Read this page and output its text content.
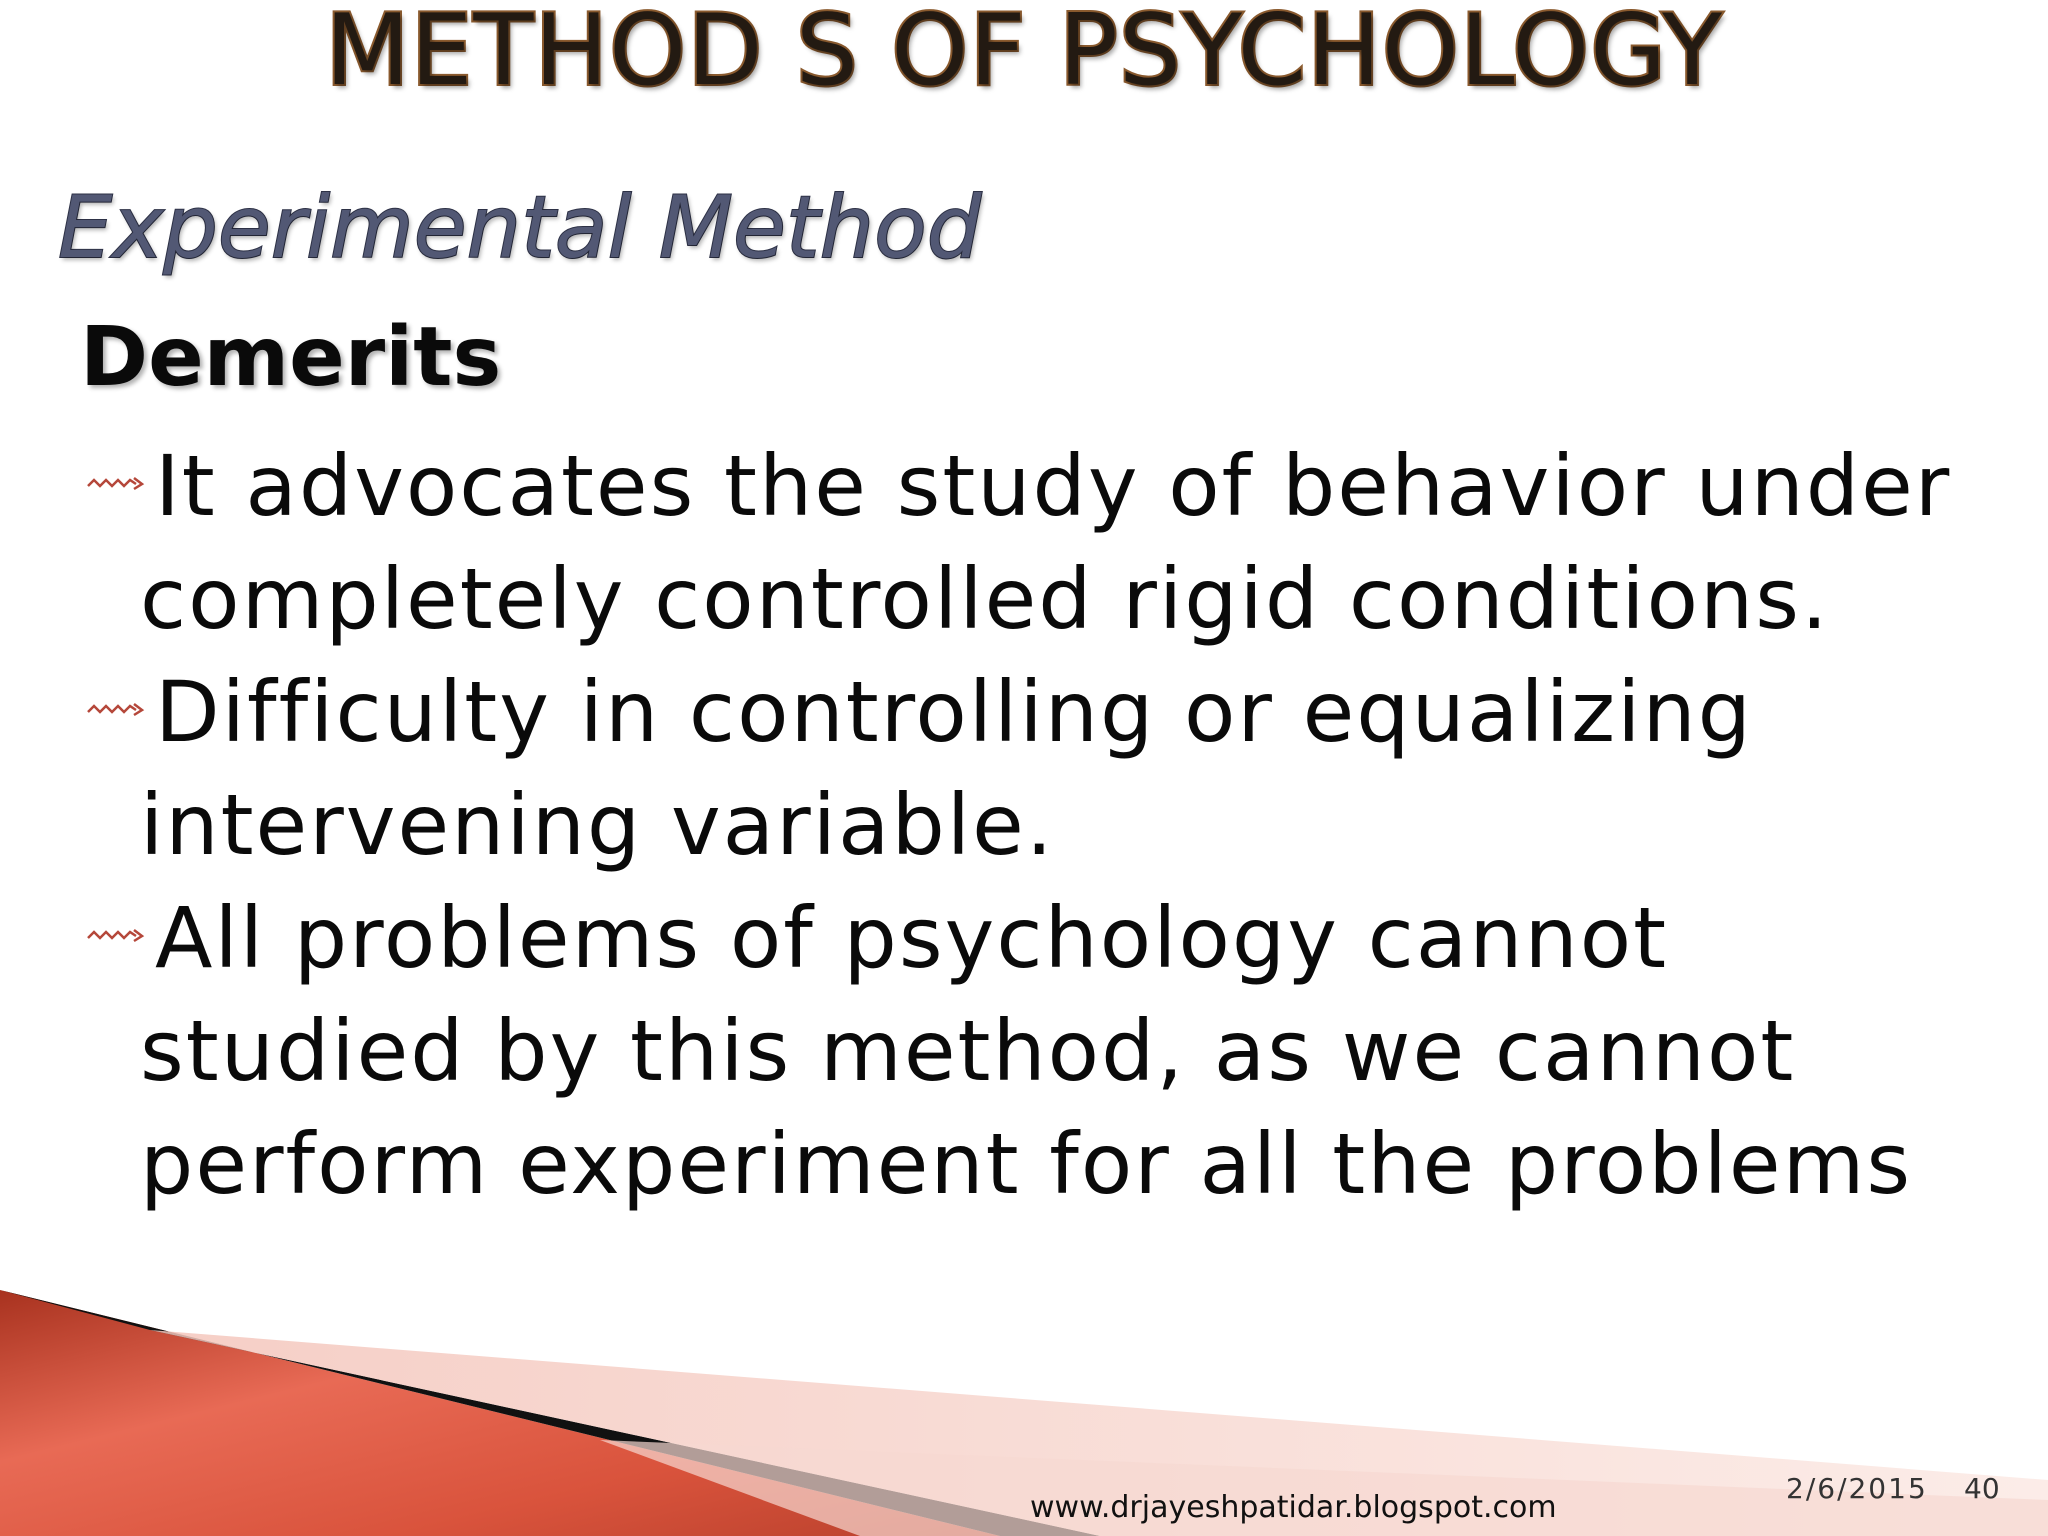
METHOD S OF PSYCHOLOGY
Experimental Method
Demerits
It advocates the study of behavior under
completely controlled rigid conditions.
Difficulty in controlling or equalizing
intervening variable.
All problems of psychology cannot
studied by this method, as we cannot
perform experiment for all the problems
www.drjayeshpatidar.blogspot.com
2/6/2015 40
